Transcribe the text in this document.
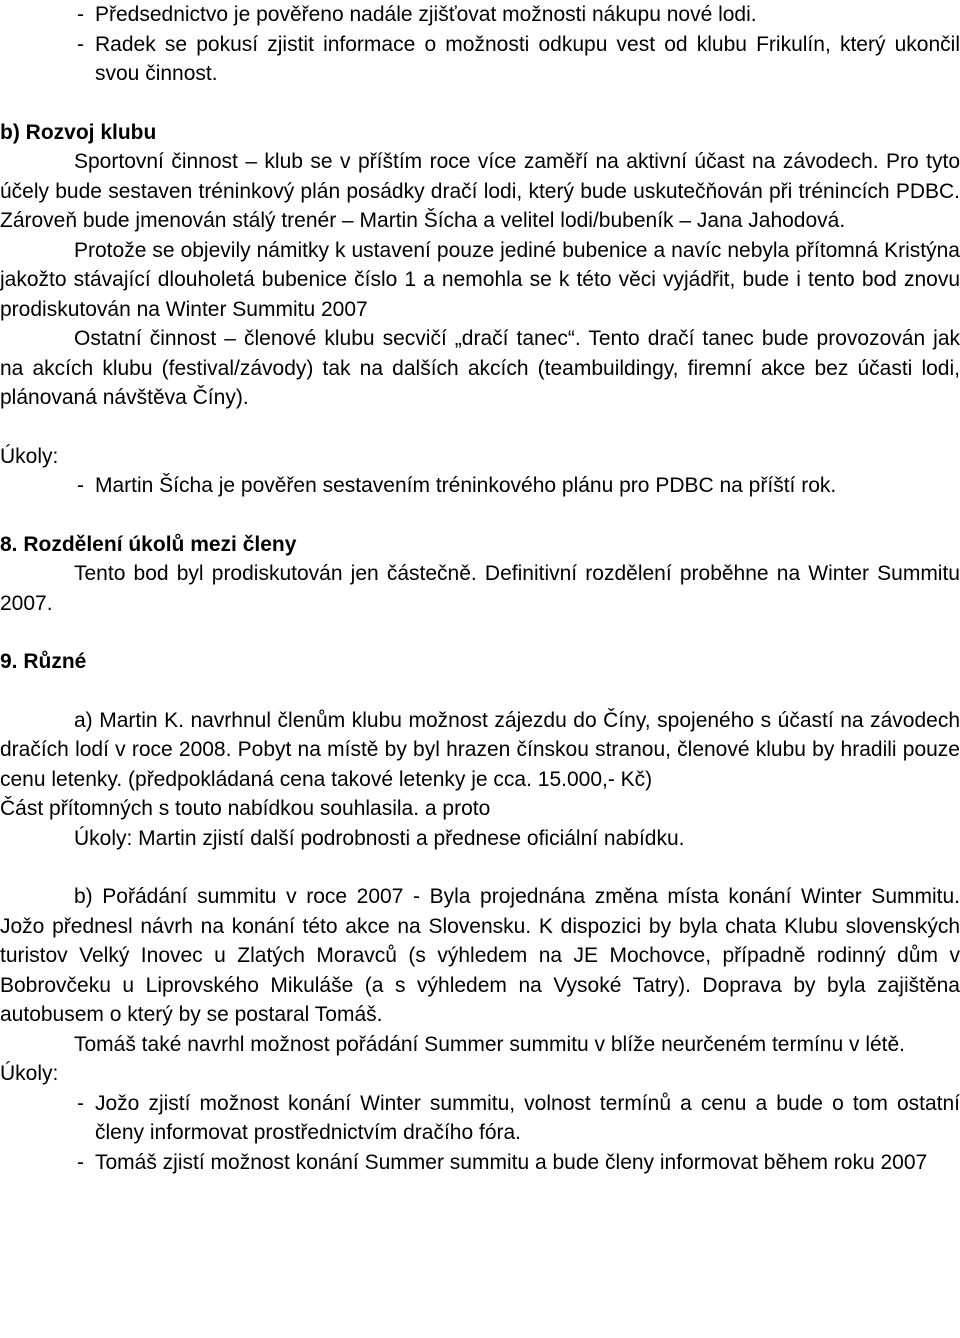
- Předsednictvo je pověřeno nadále zjišťovat možnosti nákupu nové lodi.
- Radek se pokusí zjistit informace o možnosti odkupu vest od klubu Frikulín, který ukončil svou činnost.

b) Rozvoj klubu

Sportovní činnost – klub se v příštím roce více zaměří na aktivní účast na závodech. Pro tyto účely bude sestaven tréninkový plán posádky dračí lodi, který bude uskutečňován při trénincích PDBC. Zároveň bude jmenován stálý trenér – Martin Šícha a velitel lodi/bubeník – Jana Jahodová.

Protože se objevily námitky k ustavení pouze jediné bubenice a navíc nebyla přítomná Kristýna jakožto stávající dlouholetá bubenice číslo 1 a nemohla se k této věci vyjádřit, bude i tento bod znovu prodiskutován na Winter Summitu 2007

Ostatní činnost – členové klubu secvičí „dračí tanec“. Tento dračí tanec bude provozován jak na akcích klubu (festival/závody) tak na dalších akcích (teambuildingy, firemní akce bez účasti lodi, plánovaná návštěva Číny).

Úkoly:

- Martin Šícha je pověřen sestavením tréninkového plánu pro PDBC na příští rok.

8. Rozdělení úkolů mezi členy

Tento bod byl prodiskutován jen částečně. Definitivní rozdělení proběhne na Winter Summitu 2007.

9. Různé

a) Martin K. navrhnul členům klubu možnost zájezdu do Číny, spojeného s účastí na závodech dračích lodí v roce 2008. Pobyt na místě by byl hrazen čínskou stranou, členové klubu by hradili pouze cenu letenky. (předpokládaná cena takové letenky je cca. 15.000,- Kč)

Část přítomných s touto nabídkou souhlasila. a proto

Úkoly: Martin zjistí další podrobnosti a přednese oficiální nabídku.

b) Pořádání summitu v roce 2007 - Byla projednána změna místa konání Winter Summitu. Jožo přednesl návrh na konání této akce na Slovensku. K dispozici by byla chata Klubu slovenských turistov Velký Inovec u Zlatých Moravců (s výhledem na JE Mochovce, případně rodinný dům v Bobrovčeku u Liprovského Mikuláše (a s výhledem na Vysoké Tatry). Doprava by byla zajištěna autobusem o který by se postaral Tomáš.

Tomáš také navrhl možnost pořádání Summer summitu v blíže neurčeném termínu v létě.

Úkoly:

- Jožo zjistí možnost konání Winter summitu, volnost termínů a cenu a bude o tom ostatní členy informovat prostřednictvím dračího fóra.
- Tomáš zjistí možnost konání Summer summitu a bude členy informovat během roku 2007
